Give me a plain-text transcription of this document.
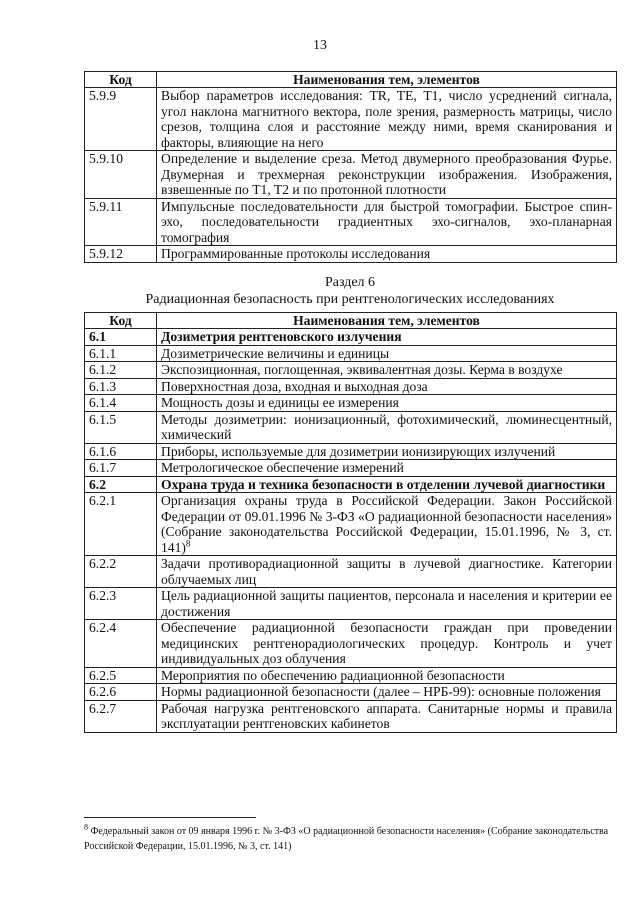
13
Код	Наименования тем, элементов
5.9.9	Выбор параметров исследования: TR, TE, T1, число усреднений сигнала, угол наклона магнитного вектора, поле зрения, размерность матрицы, число срезов, толщина слоя и расстояние между ними, время сканирования и факторы, влияющие на него
5.9.10	Определение и выделение среза. Метод двумерного преобразования Фурье. Двумерная и трехмерная реконструкции изображения. Изображения, взвешенные по T1, T2 и по протонной плотности
5.9.11	Импульсные последовательности для быстрой томографии. Быстрое спин-эхо, последовательности градиентных эхо-сигналов, эхо-планарная томография
5.9.12	Программированные протоколы исследования
Раздел 6
Радиационная безопасность при рентгенологических исследованиях
Код	Наименования тем, элементов
6.1	Дозиметрия рентгеновского излучения
6.1.1	Дозиметрические величины и единицы
6.1.2	Экспозиционная, поглощенная, эквивалентная дозы. Керма в воздухе
6.1.3	Поверхностная доза, входная и выходная доза
6.1.4	Мощность дозы и единицы ее измерения
6.1.5	Методы дозиметрии: ионизационный, фотохимический, люминесцентный, химический
6.1.6	Приборы, используемые для дозиметрии ионизирующих излучений
6.1.7	Метрологическое обеспечение измерений
6.2	Охрана труда и техника безопасности в отделении лучевой диагностики
6.2.1	Организация охраны труда в Российской Федерации. Закон Российской Федерации от 09.01.1996 № 3-ФЗ «О радиационной безопасности населения» (Собрание законодательства Российской Федерации, 15.01.1996, № 3, ст. 141)$^8$
6.2.2	Задачи противорадиационной защиты в лучевой диагностике. Категории облучаемых лиц
6.2.3	Цель радиационной защиты пациентов, персонала и населения и критерии ее достижения
6.2.4	Обеспечение радиационной безопасности граждан при проведении медицинских рентгенорадиологических процедур. Контроль и учет индивидуальных доз облучения
6.2.5	Мероприятия по обеспечению радиационной безопасности
6.2.6	Нормы радиационной безопасности (далее – НРБ-99): основные положения
6.2.7	Рабочая нагрузка рентгеновского аппарата. Санитарные нормы и правила эксплуатации рентгеновских кабинетов
$^8$ Федеральный закон от 09 января 1996 г. № 3-ФЗ «О радиационной безопасности населения» (Собрание законодательства Российской Федерации, 15.01.1996, № 3, ст. 141)
